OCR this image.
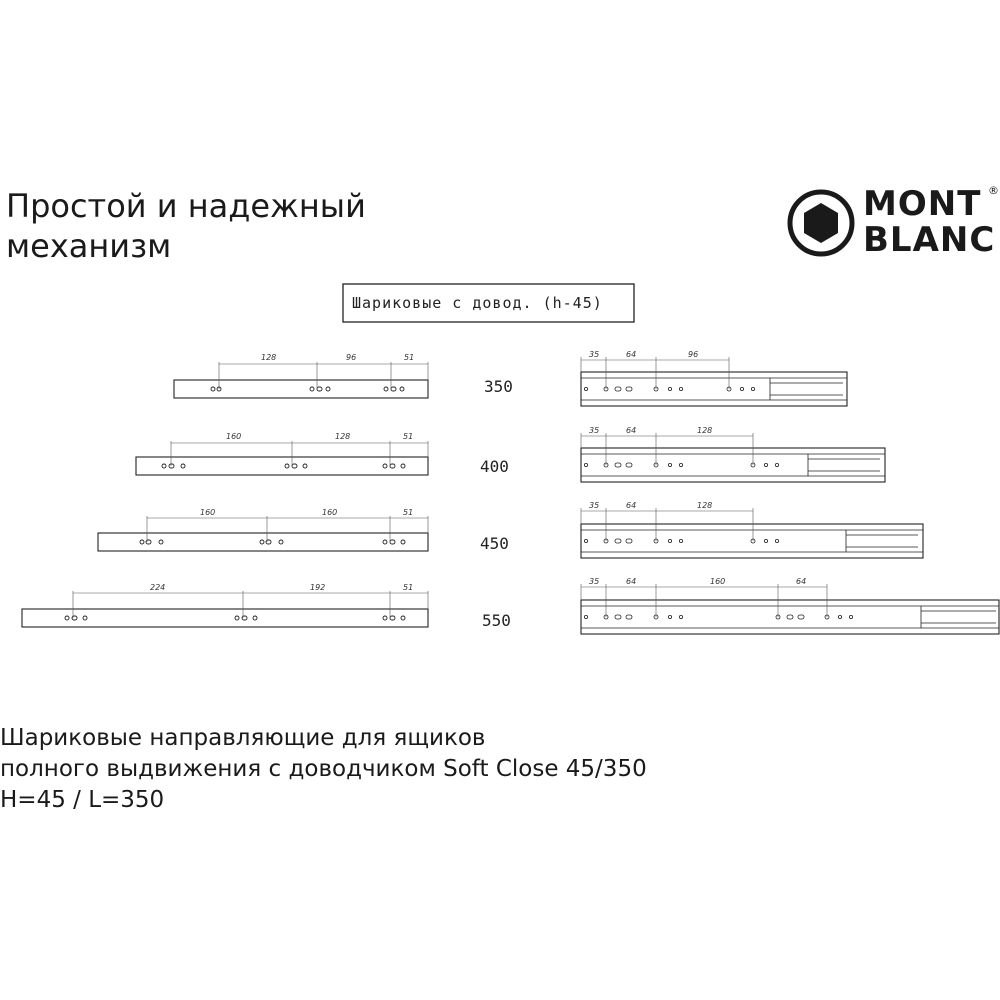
Простой и надежный
механизм
MONT
BLANC
®
Шариковые с довод. (h-45)
128	96	51
350
35	64	96
160	128	51
400
35	64	128
160	160	51
450
35	64	128
224	192	51
550
35	64	160	64

Шариковые направляющие для ящиков
полного выдвижения с доводчиком Soft Close 45/350
H=45 / L=350
